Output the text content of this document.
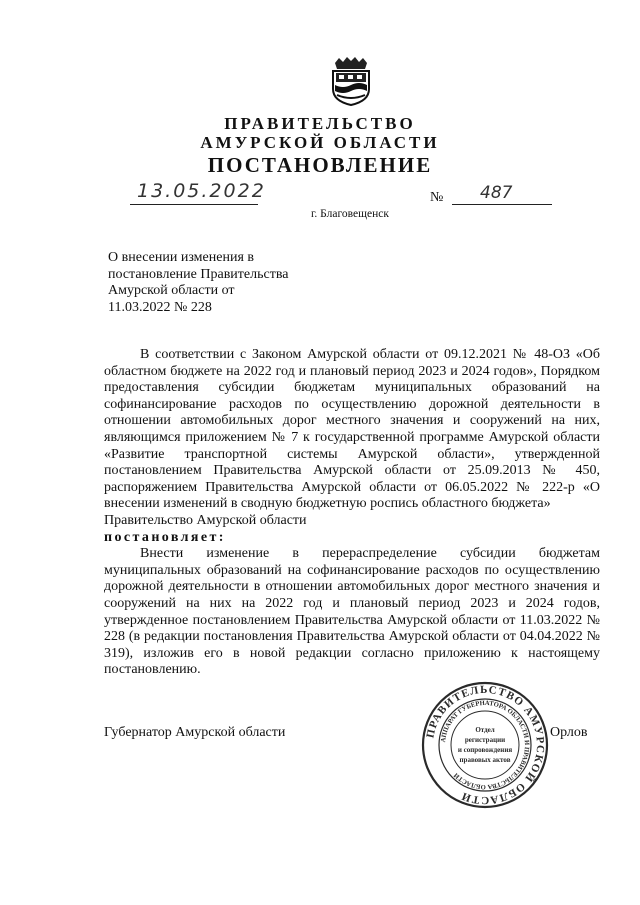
ПРАВИТЕЛЬСТВО
АМУРСКОЙ ОБЛАСТИ
ПОСТАНОВЛЕНИЕ
13.05.2022	№ 487
г. Благовещенск
О внесении изменения в
постановление Правительства
Амурской области от
11.03.2022 № 228

В соответствии с Законом Амурской области от 09.12.2021 № 48-ОЗ «Об областном бюджете на 2022 год и плановый период 2023 и 2024 годов», Порядком предоставления субсидии бюджетам муниципальных образований на софинансирование расходов по осуществлению дорожной деятельности в отношении автомобильных дорог местного значения и сооружений на них, являющимся приложением № 7 к государственной программе Амурской области «Развитие транспортной системы Амурской области», утвержденной постановлением Правительства Амурской области от 25.09.2013 № 450, распоряжением Правительства Амурской области от 06.05.2022 № 222-р «О внесении изменений в сводную бюджетную роспись областного бюджета»

Правительство Амурской области

постановляет:

Внести изменение в перераспределение субсидии бюджетам муниципальных образований на софинансирование расходов по осуществлению дорожной деятельности в отношении автомобильных дорог местного значения и сооружений на них на 2022 год и плановый период 2023 и 2024 годов, утвержденное постановлением Правительства Амурской области от 11.03.2022 № 228 (в редакции постановления Правительства Амурской области от 04.04.2022 № 319), изложив его в новой редакции согласно приложению к настоящему постановлению.

Губернатор Амурской области	Орлов
ПРАВИТЕЛЬСТВО АМУРСКОЙ ОБЛАСТИ
АППАРАТ ГУБЕРНАТОРА ОБЛАСТИ И ПРАВИТЕЛЬСТВА ОБЛАСТИ
Отдел
регистрации
и сопровождения
правовых актов
